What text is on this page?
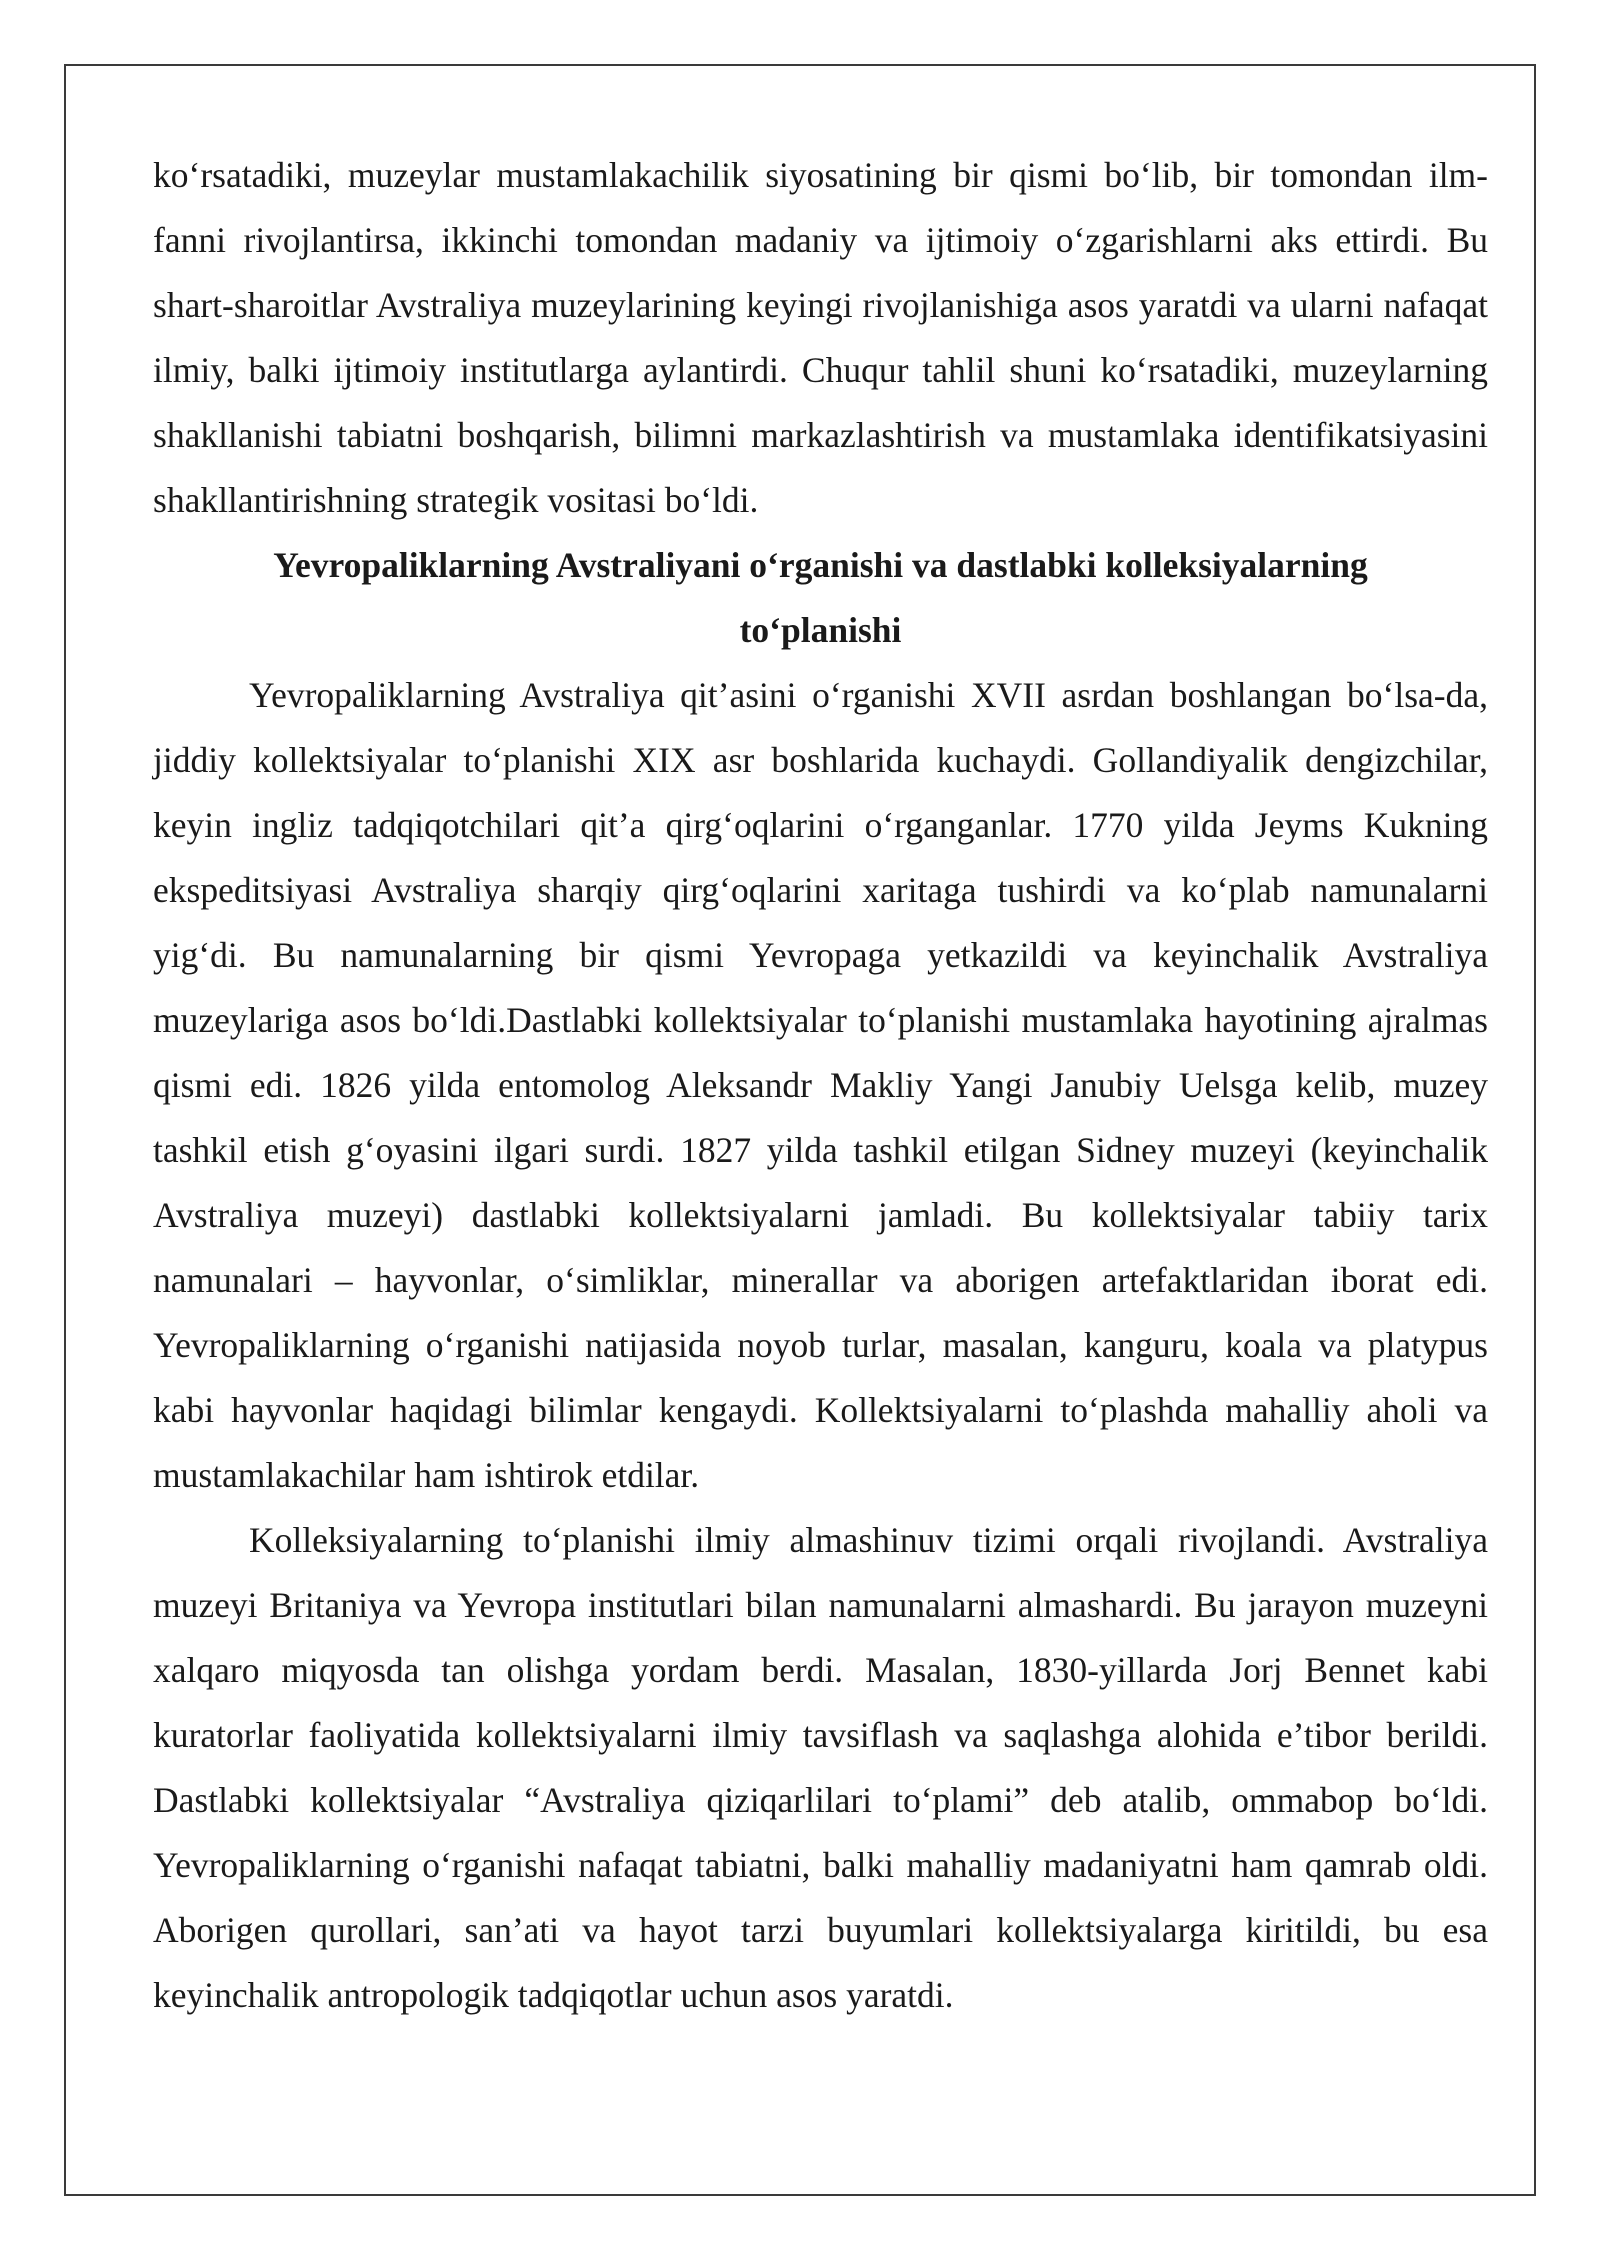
ko‘rsatadiki, muzeylar mustamlakachilik siyosatining bir qismi bo‘lib, bir tomondan ilm-fanni rivojlantirsa, ikkinchi tomondan madaniy va ijtimoiy o‘zgarishlarni aks ettirdi. Bu shart-sharoitlar Avstraliya muzeylarining keyingi rivojlanishiga asos yaratdi va ularni nafaqat ilmiy, balki ijtimoiy institutlarga aylantirdi. Chuqur tahlil shuni ko‘rsatadiki, muzeylarning shakllanishi tabiatni boshqarish, bilimni markazlashtirish va mustamlaka identifikatsiyasini shakllantirishning strategik vositasi bo‘ldi.

Yevropaliklarning Avstraliyani o‘rganishi va dastlabki kolleksiyalarning to‘planishi

Yevropaliklarning Avstraliya qit’asini o‘rganishi XVII asrdan boshlangan bo‘lsa-da, jiddiy kollektsiyalar to‘planishi XIX asr boshlarida kuchaydi. Gollandiyalik dengizchilar, keyin ingliz tadqiqotchilari qit’a qirg‘oqlarini o‘rganganlar. 1770 yilda Jeyms Kukning ekspeditsiyasi Avstraliya sharqiy qirg‘oqlarini xaritaga tushirdi va ko‘plab namunalarni yig‘di. Bu namunalarning bir qismi Yevropaga yetkazildi va keyinchalik Avstraliya muzeylariga asos bo‘ldi.Dastlabki kollektsiyalar to‘planishi mustamlaka hayotining ajralmas qismi edi. 1826 yilda entomolog Aleksandr Makliy Yangi Janubiy Uelsga kelib, muzey tashkil etish g‘oyasini ilgari surdi. 1827 yilda tashkil etilgan Sidney muzeyi (keyinchalik Avstraliya muzeyi) dastlabki kollektsiyalarni jamladi. Bu kollektsiyalar tabiiy tarix namunalari – hayvonlar, o‘simliklar, minerallar va aborigen artefaktlaridan iborat edi. Yevropaliklarning o‘rganishi natijasida noyob turlar, masalan, kanguru, koala va platypus kabi hayvonlar haqidagi bilimlar kengaydi. Kollektsiyalarni to‘plashda mahalliy aholi va mustamlakachilar ham ishtirok etdilar.

Kolleksiyalarning to‘planishi ilmiy almashinuv tizimi orqali rivojlandi. Avstraliya muzeyi Britaniya va Yevropa institutlari bilan namunalarni almashardi. Bu jarayon muzeyni xalqaro miqyosda tan olishga yordam berdi. Masalan, 1830-yillarda Jorj Bennet kabi kuratorlar faoliyatida kollektsiyalarni ilmiy tavsiflash va saqlashga alohida e’tibor berildi. Dastlabki kollektsiyalar “Avstraliya qiziqarlilari to‘plami” deb atalib, ommabop bo‘ldi. Yevropaliklarning o‘rganishi nafaqat tabiatni, balki mahalliy madaniyatni ham qamrab oldi. Aborigen qurollari, san’ati va hayot tarzi buyumlari kollektsiyalarga kiritildi, bu esa keyinchalik antropologik tadqiqotlar uchun asos yaratdi.
